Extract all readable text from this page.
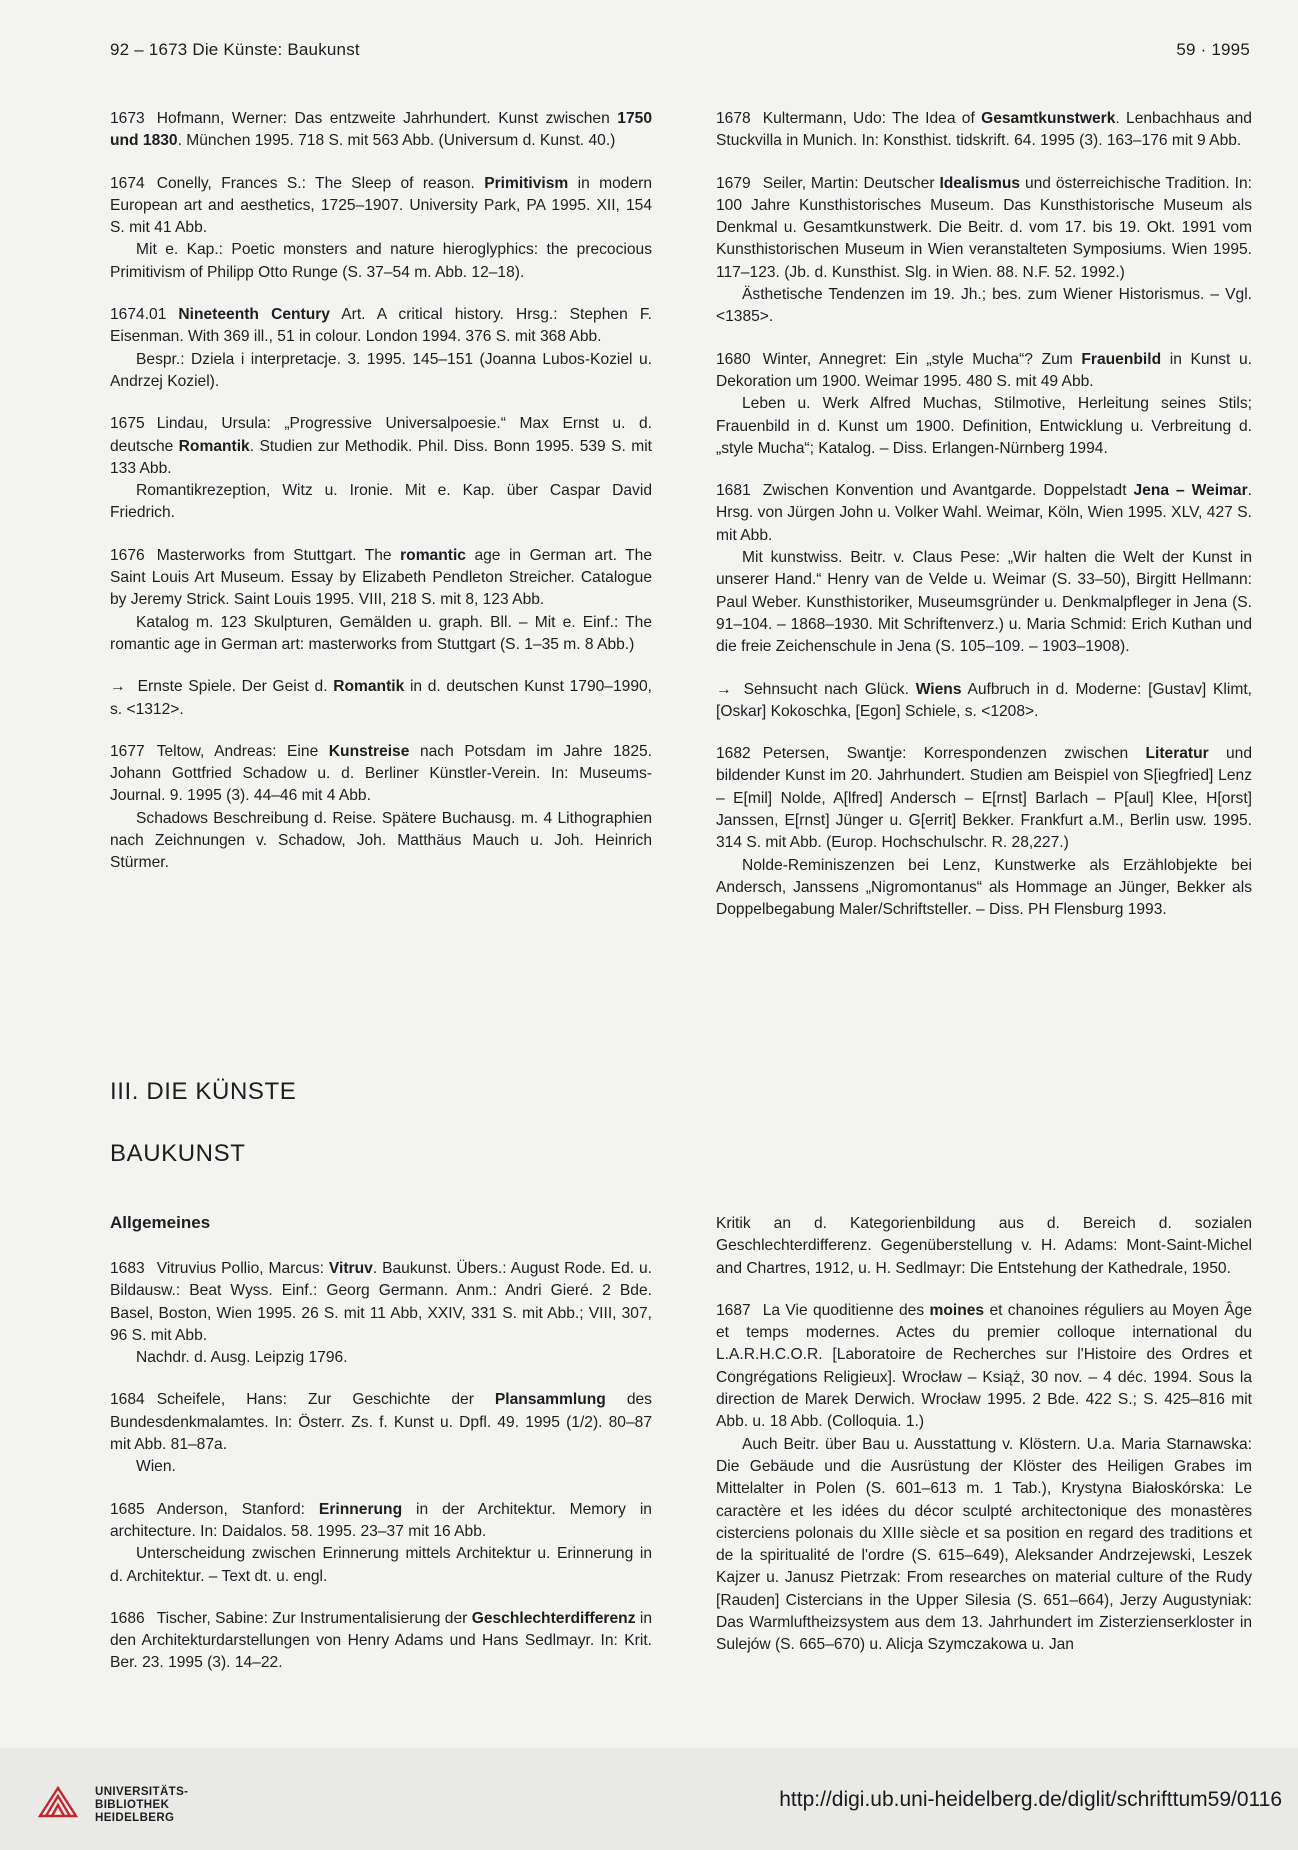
92 – 1673 Die Künste: Baukunst	59 · 1995

1673 Hofmann, Werner: Das entzweite Jahrhundert. Kunst zwischen 1750 und 1830. München 1995. 718 S. mit 563 Abb. (Universum d. Kunst. 40.)

1674 Conelly, Frances S.: The Sleep of reason. Primitivism in modern European art and aesthetics, 1725–1907. University Park, PA 1995. XII, 154 S. mit 41 Abb.

Mit e. Kap.: Poetic monsters and nature hieroglyphics: the precocious Primitivism of Philipp Otto Runge (S. 37–54 m. Abb. 12–18).

1674.01 Nineteenth Century Art. A critical history. Hrsg.: Stephen F. Eisenman. With 369 ill., 51 in colour. London 1994. 376 S. mit 368 Abb.

Bespr.: Dziela i interpretacje. 3. 1995. 145–151 (Joanna Lubos-Koziel u. Andrzej Koziel).

1675 Lindau, Ursula: „Progressive Universalpoesie.“ Max Ernst u. d. deutsche Romantik. Studien zur Methodik. Phil. Diss. Bonn 1995. 539 S. mit 133 Abb.

Romantikrezeption, Witz u. Ironie. Mit e. Kap. über Caspar David Friedrich.

1676 Masterworks from Stuttgart. The romantic age in German art. The Saint Louis Art Museum. Essay by Elizabeth Pendleton Streicher. Catalogue by Jeremy Strick. Saint Louis 1995. VIII, 218 S. mit 8, 123 Abb.

Katalog m. 123 Skulpturen, Gemälden u. graph. Bll. – Mit e. Einf.: The romantic age in German art: masterworks from Stuttgart (S. 1–35 m. 8 Abb.)

→ Ernste Spiele. Der Geist d. Romantik in d. deutschen Kunst 1790–1990, s. <1312>.

1677 Teltow, Andreas: Eine Kunstreise nach Potsdam im Jahre 1825. Johann Gottfried Schadow u. d. Berliner Künstler-Verein. In: Museums-Journal. 9. 1995 (3). 44–46 mit 4 Abb.

Schadows Beschreibung d. Reise. Spätere Buchausg. m. 4 Lithographien nach Zeichnungen v. Schadow, Joh. Matthäus Mauch u. Joh. Heinrich Stürmer.

1678 Kultermann, Udo: The Idea of Gesamtkunstwerk. Lenbachhaus and Stuckvilla in Munich. In: Konsthist. tidskrift. 64. 1995 (3). 163–176 mit 9 Abb.

1679 Seiler, Martin: Deutscher Idealismus und österreichische Tradition. In: 100 Jahre Kunsthistorisches Museum. Das Kunsthistorische Museum als Denkmal u. Gesamtkunstwerk. Die Beitr. d. vom 17. bis 19. Okt. 1991 vom Kunsthistorischen Museum in Wien veranstalteten Symposiums. Wien 1995. 117–123. (Jb. d. Kunsthist. Slg. in Wien. 88. N.F. 52. 1992.)

Ästhetische Tendenzen im 19. Jh.; bes. zum Wiener Historismus. – Vgl. <1385>.

1680 Winter, Annegret: Ein „style Mucha“? Zum Frauenbild in Kunst u. Dekoration um 1900. Weimar 1995. 480 S. mit 49 Abb.

Leben u. Werk Alfred Muchas, Stilmotive, Herleitung seines Stils; Frauenbild in d. Kunst um 1900. Definition, Entwicklung u. Verbreitung d. „style Mucha“; Katalog. – Diss. Erlangen-Nürnberg 1994.

1681 Zwischen Konvention und Avantgarde. Doppelstadt Jena – Weimar. Hrsg. von Jürgen John u. Volker Wahl. Weimar, Köln, Wien 1995. XLV, 427 S. mit Abb.

Mit kunstwiss. Beitr. v. Claus Pese: „Wir halten die Welt der Kunst in unserer Hand.“ Henry van de Velde u. Weimar (S. 33–50), Birgitt Hellmann: Paul Weber. Kunsthistoriker, Museumsgründer u. Denkmalpfleger in Jena (S. 91–104. – 1868–1930. Mit Schriftenverz.) u. Maria Schmid: Erich Kuthan und die freie Zeichenschule in Jena (S. 105–109. – 1903–1908).

→ Sehnsucht nach Glück. Wiens Aufbruch in d. Moderne: [Gustav] Klimt, [Oskar] Kokoschka, [Egon] Schiele, s. <1208>.

1682 Petersen, Swantje: Korrespondenzen zwischen Literatur und bildender Kunst im 20. Jahrhundert. Studien am Beispiel von S[iegfried] Lenz – E[mil] Nolde, A[lfred] Andersch – E[rnst] Barlach – P[aul] Klee, H[orst] Janssen, E[rnst] Jünger u. G[errit] Bekker. Frankfurt a.M., Berlin usw. 1995. 314 S. mit Abb. (Europ. Hochschulschr. R. 28,227.)

Nolde-Reminiszenzen bei Lenz, Kunstwerke als Erzählobjekte bei Andersch, Janssens „Nigromontanus“ als Hommage an Jünger, Bekker als Doppelbegabung Maler/Schriftsteller. – Diss. PH Flensburg 1993.

III. DIE KÜNSTE
BAUKUNST
Allgemeines

1683 Vitruvius Pollio, Marcus: Vitruv. Baukunst. Übers.: August Rode. Ed. u. Bildausw.: Beat Wyss. Einf.: Georg Germann. Anm.: Andri Gieré. 2 Bde. Basel, Boston, Wien 1995. 26 S. mit 11 Abb, XXIV, 331 S. mit Abb.; VIII, 307, 96 S. mit Abb.

Nachdr. d. Ausg. Leipzig 1796.

1684 Scheifele, Hans: Zur Geschichte der Plansammlung des Bundesdenkmalamtes. In: Österr. Zs. f. Kunst u. Dpfl. 49. 1995 (1/2). 80–87 mit Abb. 81–87a.

Wien.

1685 Anderson, Stanford: Erinnerung in der Architektur. Memory in architecture. In: Daidalos. 58. 1995. 23–37 mit 16 Abb.

Unterscheidung zwischen Erinnerung mittels Architektur u. Erinnerung in d. Architektur. – Text dt. u. engl.

1686 Tischer, Sabine: Zur Instrumentalisierung der Geschlechterdifferenz in den Architekturdarstellungen von Henry Adams und Hans Sedlmayr. In: Krit. Ber. 23. 1995 (3). 14–22.

Kritik an d. Kategorienbildung aus d. Bereich d. sozialen Geschlechterdifferenz. Gegenüberstellung v. H. Adams: Mont-Saint-Michel and Chartres, 1912, u. H. Sedlmayr: Die Entstehung der Kathedrale, 1950.

1687 La Vie quoditienne des moines et chanoines réguliers au Moyen Âge et temps modernes. Actes du premier colloque international du L.A.R.H.C.O.R. [Laboratoire de Recherches sur l'Histoire des Ordres et Congrégations Religieux]. Wrocław – Książ, 30 nov. – 4 déc. 1994. Sous la direction de Marek Derwich. Wrocław 1995. 2 Bde. 422 S.; S. 425–816 mit Abb. u. 18 Abb. (Colloquia. 1.)

Auch Beitr. über Bau u. Ausstattung v. Klöstern. U.a. Maria Starnawska: Die Gebäude und die Ausrüstung der Klöster des Heiligen Grabes im Mittelalter in Polen (S. 601–613 m. 1 Tab.), Krystyna Białoskórska: Le caractère et les idées du décor sculpté architectonique des monastères cisterciens polonais du XIIIe siècle et sa position en regard des traditions et de la spiritualité de l'ordre (S. 615–649), Aleksander Andrzejewski, Leszek Kajzer u. Janusz Pietrzak: From researches on material culture of the Rudy [Rauden] Cistercians in the Upper Silesia (S. 651–664), Jerzy Augustyniak: Das Warmluftheizsystem aus dem 13. Jahrhundert im Zisterzienserkloster in Sulejów (S. 665–670) u. Alicja Szymczakowa u. Jan

UNIVERSITÄTS-
BIBLIOTHEK
HEIDELBERG
http://digi.ub.uni-heidelberg.de/diglit/schrifttum59/0116
